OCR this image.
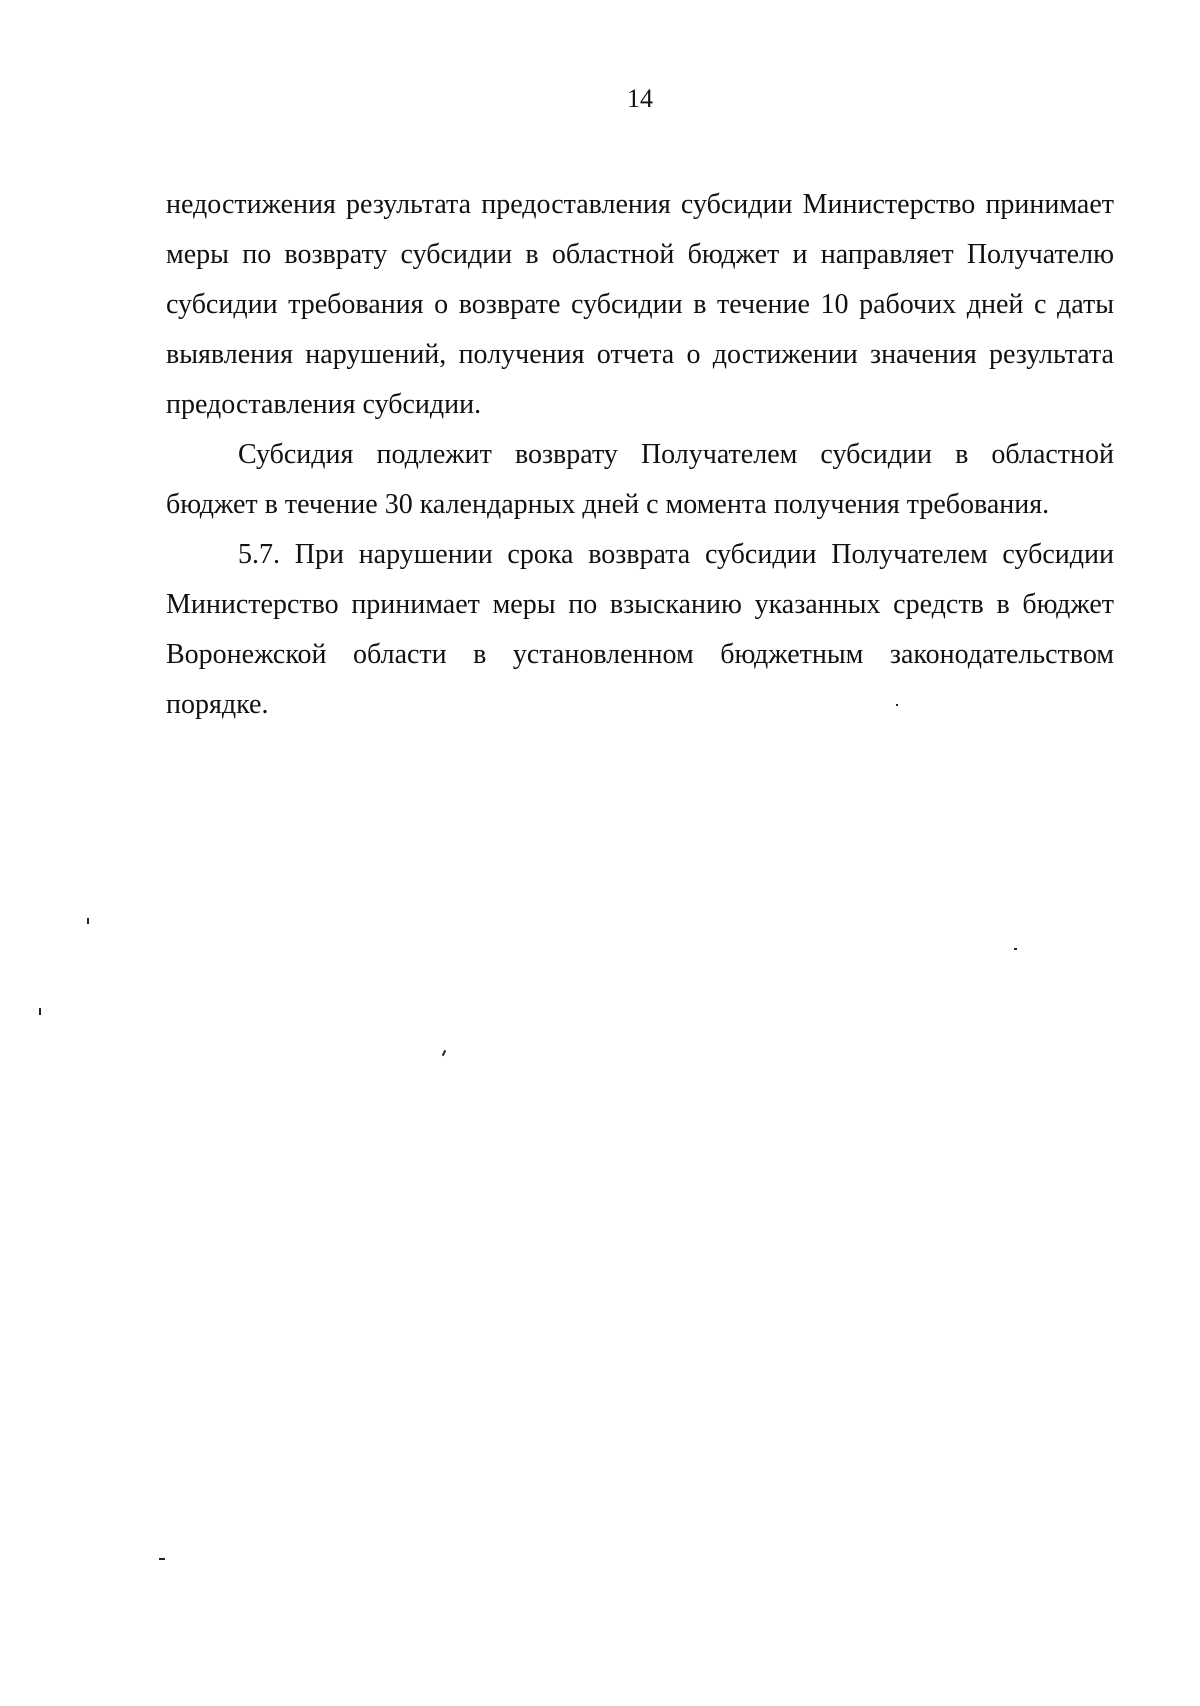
14

недостижения результата предоставления субсидии Министерство принимает меры по возврату субсидии в областной бюджет и направляет Получателю субсидии требования о возврате субсидии в течение 10 рабочих дней с даты выявления нарушений, получения отчета о достижении значения результата предоставления субсидии.

Субсидия подлежит возврату Получателем субсидии в областной бюджет в течение 30 календарных дней с момента получения требования.

5.7. При нарушении срока возврата субсидии Получателем субсидии Министерство принимает меры по взысканию указанных средств в бюджет Воронежской области в установленном бюджетным законодательством порядке.
